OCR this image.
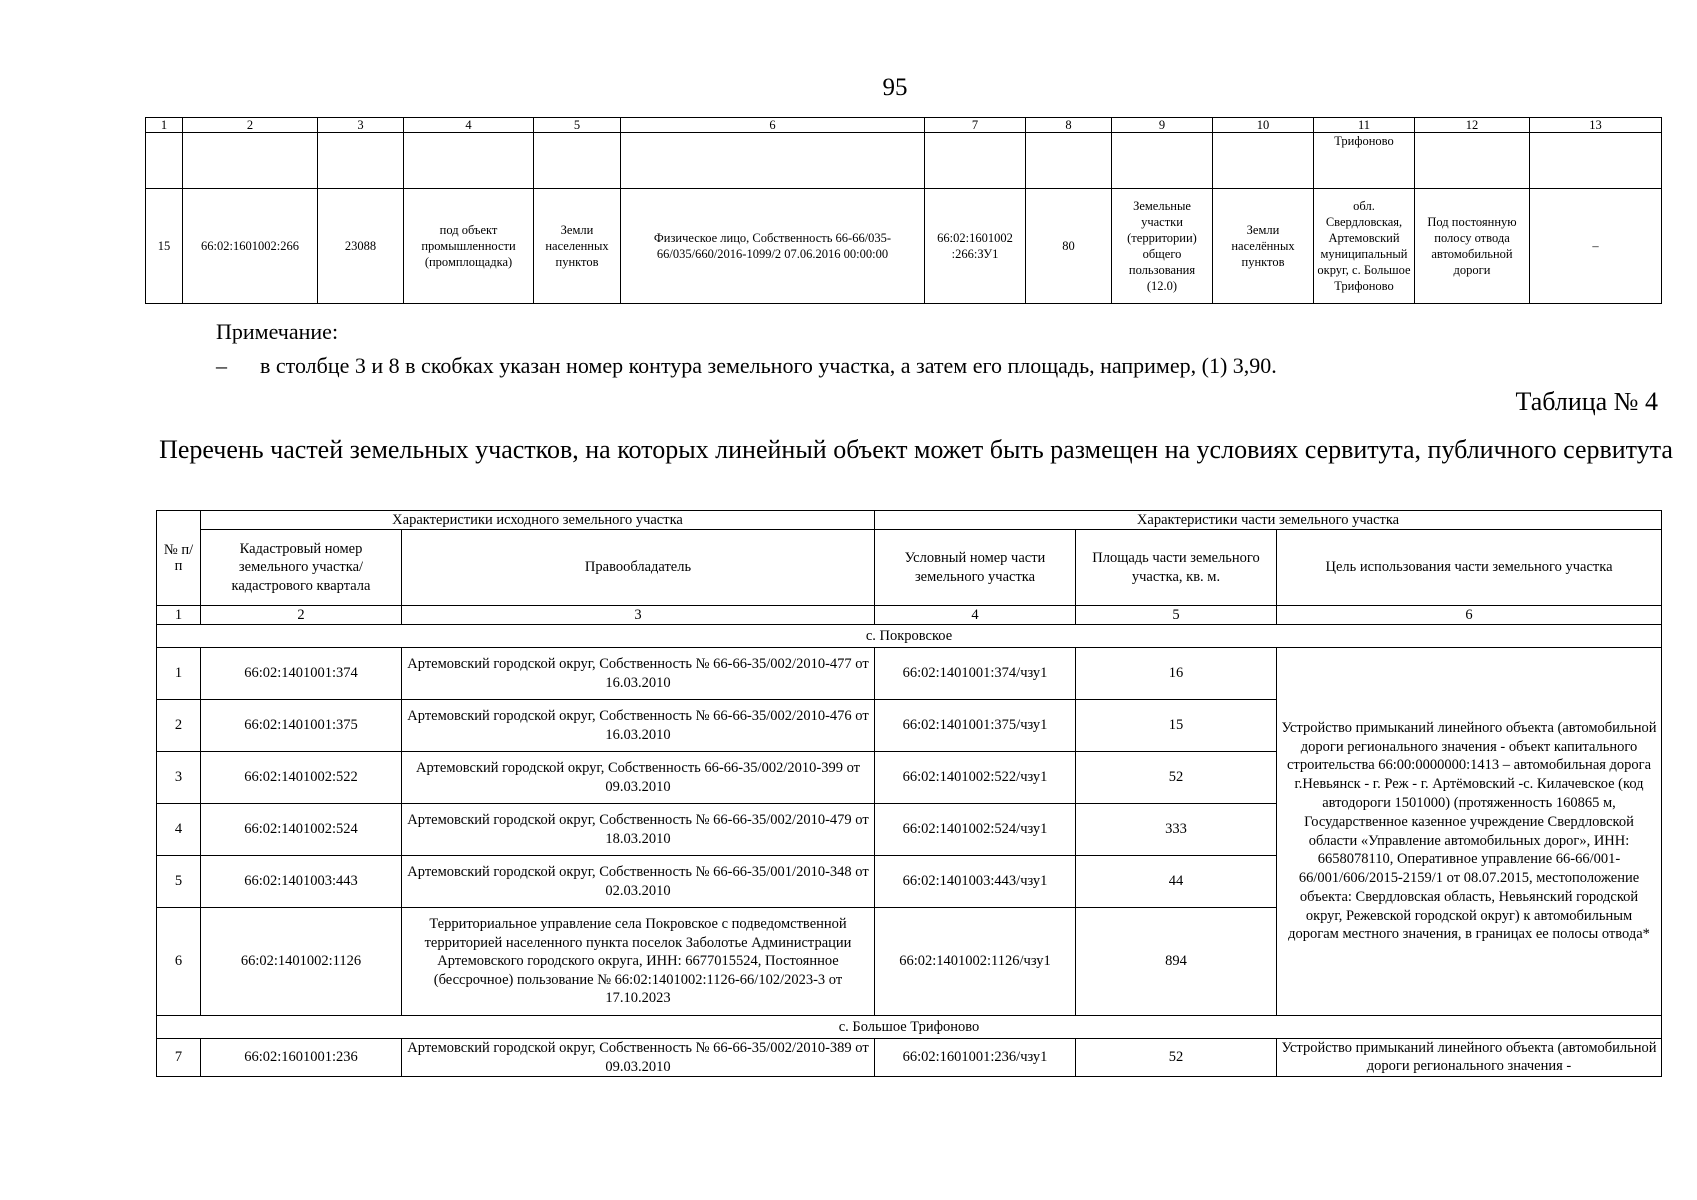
95
1	2	3	4	5	6	7	8	9	10	11	12	13
										Трифоново		
15	66:02:1601002:266	23088	под объект промышленности (промплощадка)	Земли населенных пунктов	Физическое лицо, Собственность 66-66/035-66/035/660/2016-1099/2 07.06.2016 00:00:00	66:02:1601002 :266:ЗУ1	80	Земельные участки (территории) общего пользования (12.0)	Земли населённых пунктов	обл. Свердловская, Артемовский муниципальный округ, с. Большое Трифоново	Под постоянную полосу отвода автомобильной дороги	–
Примечание:
– в столбце 3 и 8 в скобках указан номер контура земельного участка, а затем его площадь, например, (1) 3,90.
Таблица № 4
Перечень частей земельных участков, на которых линейный объект может быть размещен на условиях сервитута, публичного сервитута
№ п/ п	Характеристики исходного земельного участка		Характеристики части земельного участка		
	Кадастровый номер земельного участка/кадастрового квартала	Правообладатель	Условный номер части земельного участка	Площадь части земельного участка, кв. м.	Цель использования части земельного участка
1	2	3	4	5	6
с. Покровское					
1	66:02:1401001:374	Артемовский городской округ, Собственность № 66-66-35/002/2010-477 от 16.03.2010	66:02:1401001:374/чзу1	16	Устройство примыканий линейного объекта (автомобильной дороги регионального значения - объект капитального строительства 66:00:0000000:1413 – автомобильная дорога г.Невьянск - г. Реж - г. Артёмовский -с. Килачевское (код автодороги 1501000) (протяженность 160865 м, Государственное казенное учреждение Свердловской области «Управление автомобильных дорог», ИНН: 6658078110, Оперативное управление 66-66/001-66/001/606/2015-2159/1 от 08.07.2015, местоположение объекта: Свердловская область, Невьянский городской округ, Режевской городской округ) к автомобильным дорогам местного значения, в границах ее полосы отвода*
2	66:02:1401001:375	Артемовский городской округ, Собственность № 66-66-35/002/2010-476 от 16.03.2010	66:02:1401001:375/чзу1	15	
3	66:02:1401002:522	Артемовский городской округ, Собственность 66-66-35/002/2010-399 от 09.03.2010	66:02:1401002:522/чзу1	52	
4	66:02:1401002:524	Артемовский городской округ, Собственность № 66-66-35/002/2010-479 от 18.03.2010	66:02:1401002:524/чзу1	333	
5	66:02:1401003:443	Артемовский городской округ, Собственность № 66-66-35/001/2010-348 от 02.03.2010	66:02:1401003:443/чзу1	44	
6	66:02:1401002:1126	Территориальное управление села Покровское с подведомственной территорией населенного пункта поселок Заболотье Администрации Артемовского городского округа, ИНН: 6677015524, Постоянное (бессрочное) пользование № 66:02:1401002:1126-66/102/2023-3 от 17.10.2023	66:02:1401002:1126/чзу1	894	
с. Большое Трифоново					
7	66:02:1601001:236	Артемовский городской округ, Собственность № 66-66-35/002/2010-389 от 09.03.2010	66:02:1601001:236/чзу1	52	Устройство примыканий линейного объекта (автомобильной дороги регионального значения -
